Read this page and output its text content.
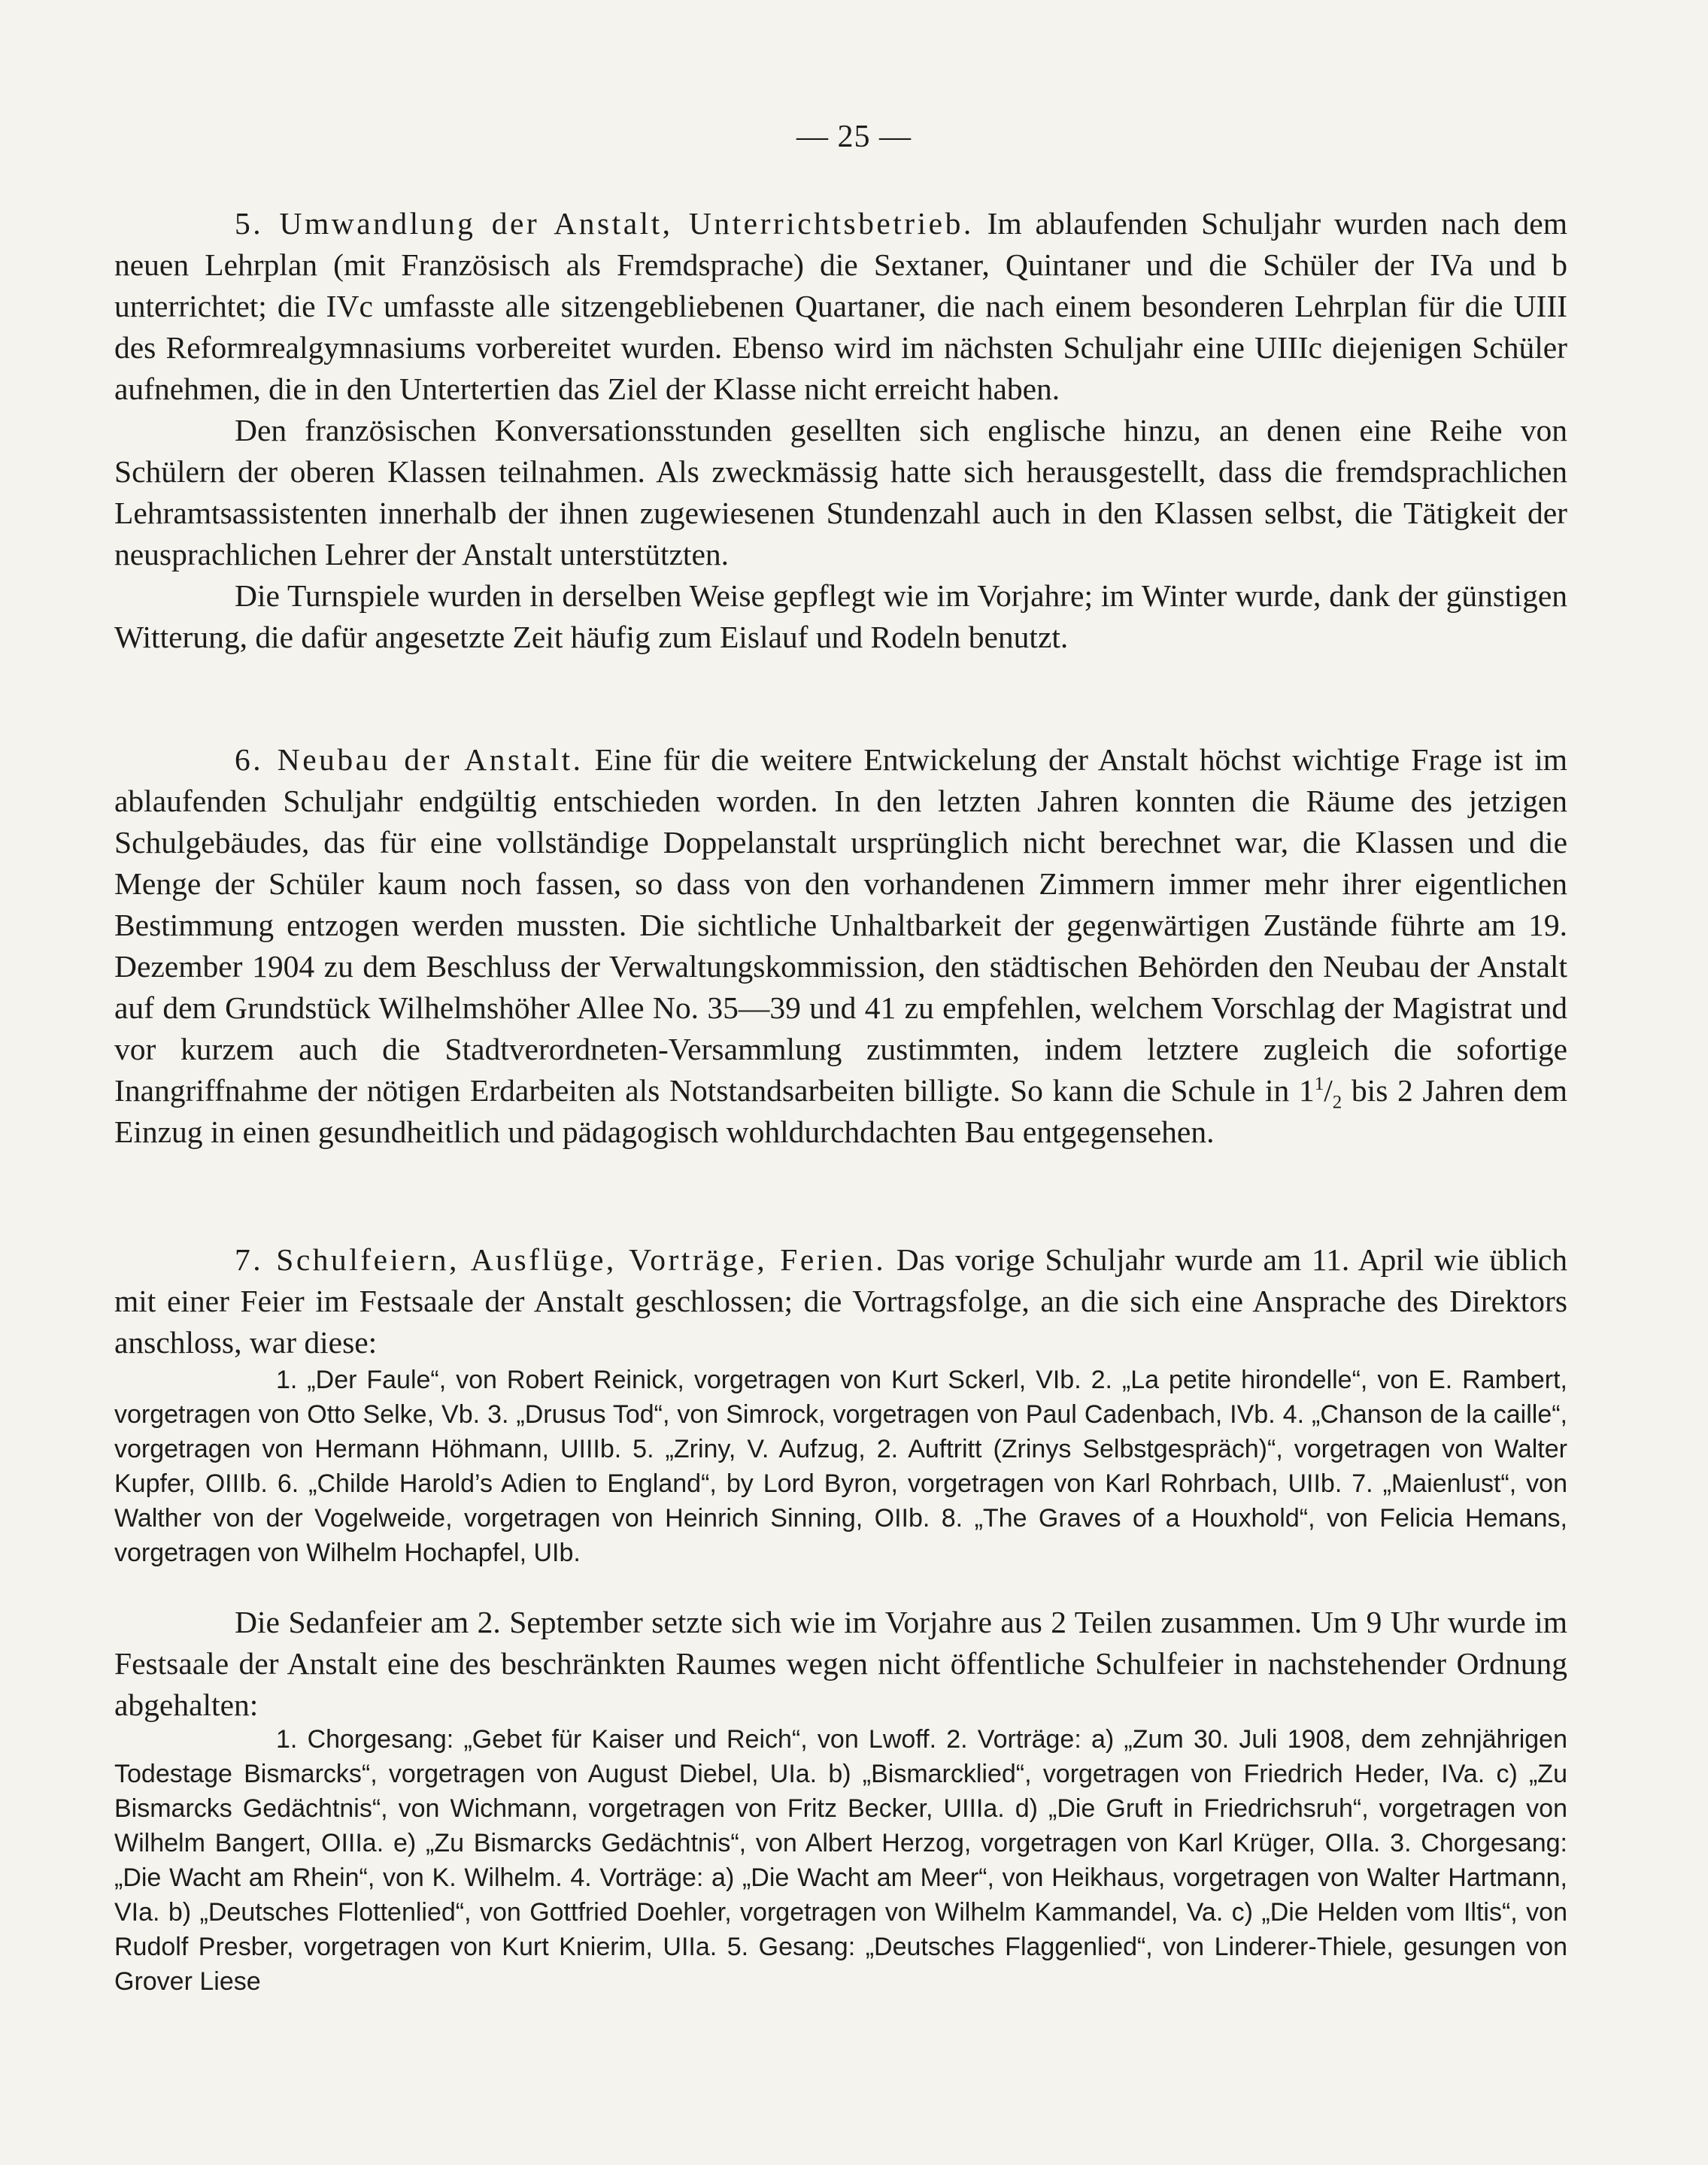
— 25 —

5. Umwandlung der Anstalt, Unterrichtsbetrieb. Im ablaufenden Schuljahr wurden nach dem neuen Lehrplan (mit Französisch als Fremdsprache) die Sextaner, Quintaner und die Schüler der IVa und b unterrichtet; die IVc umfasste alle sitzengebliebenen Quartaner, die nach einem besonderen Lehrplan für die UIII des Reformrealgymnasiums vorbereitet wurden. Ebenso wird im nächsten Schuljahr eine UIIIc diejenigen Schüler aufnehmen, die in den Untertertien das Ziel der Klasse nicht erreicht haben.

Den französischen Konversationsstunden gesellten sich englische hinzu, an denen eine Reihe von Schülern der oberen Klassen teilnahmen. Als zweckmässig hatte sich herausgestellt, dass die fremdsprachlichen Lehramtsassistenten innerhalb der ihnen zugewiesenen Stundenzahl auch in den Klassen selbst, die Tätigkeit der neusprachlichen Lehrer der Anstalt unterstützten.

Die Turnspiele wurden in derselben Weise gepflegt wie im Vorjahre; im Winter wurde, dank der günstigen Witterung, die dafür angesetzte Zeit häufig zum Eislauf und Rodeln benutzt.

6. Neubau der Anstalt. Eine für die weitere Entwickelung der Anstalt höchst wichtige Frage ist im ablaufenden Schuljahr endgültig entschieden worden. In den letzten Jahren konnten die Räume des jetzigen Schulgebäudes, das für eine vollständige Doppelanstalt ursprünglich nicht berechnet war, die Klassen und die Menge der Schüler kaum noch fassen, so dass von den vorhandenen Zimmern immer mehr ihrer eigentlichen Bestimmung entzogen werden mussten. Die sichtliche Unhaltbarkeit der gegenwärtigen Zustände führte am 19. Dezember 1904 zu dem Beschluss der Verwaltungskommission, den städtischen Behörden den Neubau der Anstalt auf dem Grundstück Wilhelmshöher Allee No. 35—39 und 41 zu empfehlen, welchem Vorschlag der Magistrat und vor kurzem auch die Stadtverordneten-Versammlung zustimmten, indem letztere zugleich die sofortige Inangriffnahme der nötigen Erdarbeiten als Notstandsarbeiten billigte. So kann die Schule in $1^1/_2$ bis 2 Jahren dem Einzug in einen gesundheitlich und pädagogisch wohldurchdachten Bau entgegensehen.

7. Schulfeiern, Ausflüge, Vorträge, Ferien. Das vorige Schuljahr wurde am 11. April wie üblich mit einer Feier im Festsaale der Anstalt geschlossen; die Vortragsfolge, an die sich eine Ansprache des Direktors anschloss, war diese:

1. „Der Faule“, von Robert Reinick, vorgetragen von Kurt Sckerl, VIb. 2. „La petite hirondelle“, von E. Rambert, vorgetragen von Otto Selke, Vb. 3. „Drusus Tod“, von Simrock, vorgetragen von Paul Cadenbach, IVb. 4. „Chanson de la caille“, vorgetragen von Hermann Höhmann, UIIIb. 5. „Zriny, V. Aufzug, 2. Auftritt (Zrinys Selbstgespräch)“, vorgetragen von Walter Kupfer, OIIIb. 6. „Childe Harold’s Adien to England“, by Lord Byron, vorgetragen von Karl Rohrbach, UIIb. 7. „Maienlust“, von Walther von der Vogelweide, vorgetragen von Heinrich Sinning, OIIb. 8. „The Graves of a Houxhold“, von Felicia Hemans, vorgetragen von Wilhelm Hochapfel, UIb.

Die Sedanfeier am 2. September setzte sich wie im Vorjahre aus 2 Teilen zusammen. Um 9 Uhr wurde im Festsaale der Anstalt eine des beschränkten Raumes wegen nicht öffentliche Schulfeier in nachstehender Ordnung abgehalten:

1. Chorgesang: „Gebet für Kaiser und Reich“, von Lwoff. 2. Vorträge: a) „Zum 30. Juli 1908, dem zehnjährigen Todestage Bismarcks“, vorgetragen von August Diebel, UIa. b) „Bismarcklied“, vorgetragen von Friedrich Heder, IVa. c) „Zu Bismarcks Gedächtnis“, von Wichmann, vorgetragen von Fritz Becker, UIIIa. d) „Die Gruft in Friedrichsruh“, vorgetragen von Wilhelm Bangert, OIIIa. e) „Zu Bismarcks Gedächtnis“, von Albert Herzog, vorgetragen von Karl Krüger, OIIa. 3. Chorgesang: „Die Wacht am Rhein“, von K. Wilhelm. 4. Vorträge: a) „Die Wacht am Meer“, von Heikhaus, vorgetragen von Walter Hartmann, VIa. b) „Deutsches Flottenlied“, von Gottfried Doehler, vorgetragen von Wilhelm Kammandel, Va. c) „Die Helden vom Iltis“, von Rudolf Presber, vorgetragen von Kurt Knierim, UIIa. 5. Gesang: „Deutsches Flaggenlied“, von Linderer-Thiele, gesungen von Grover Liese
